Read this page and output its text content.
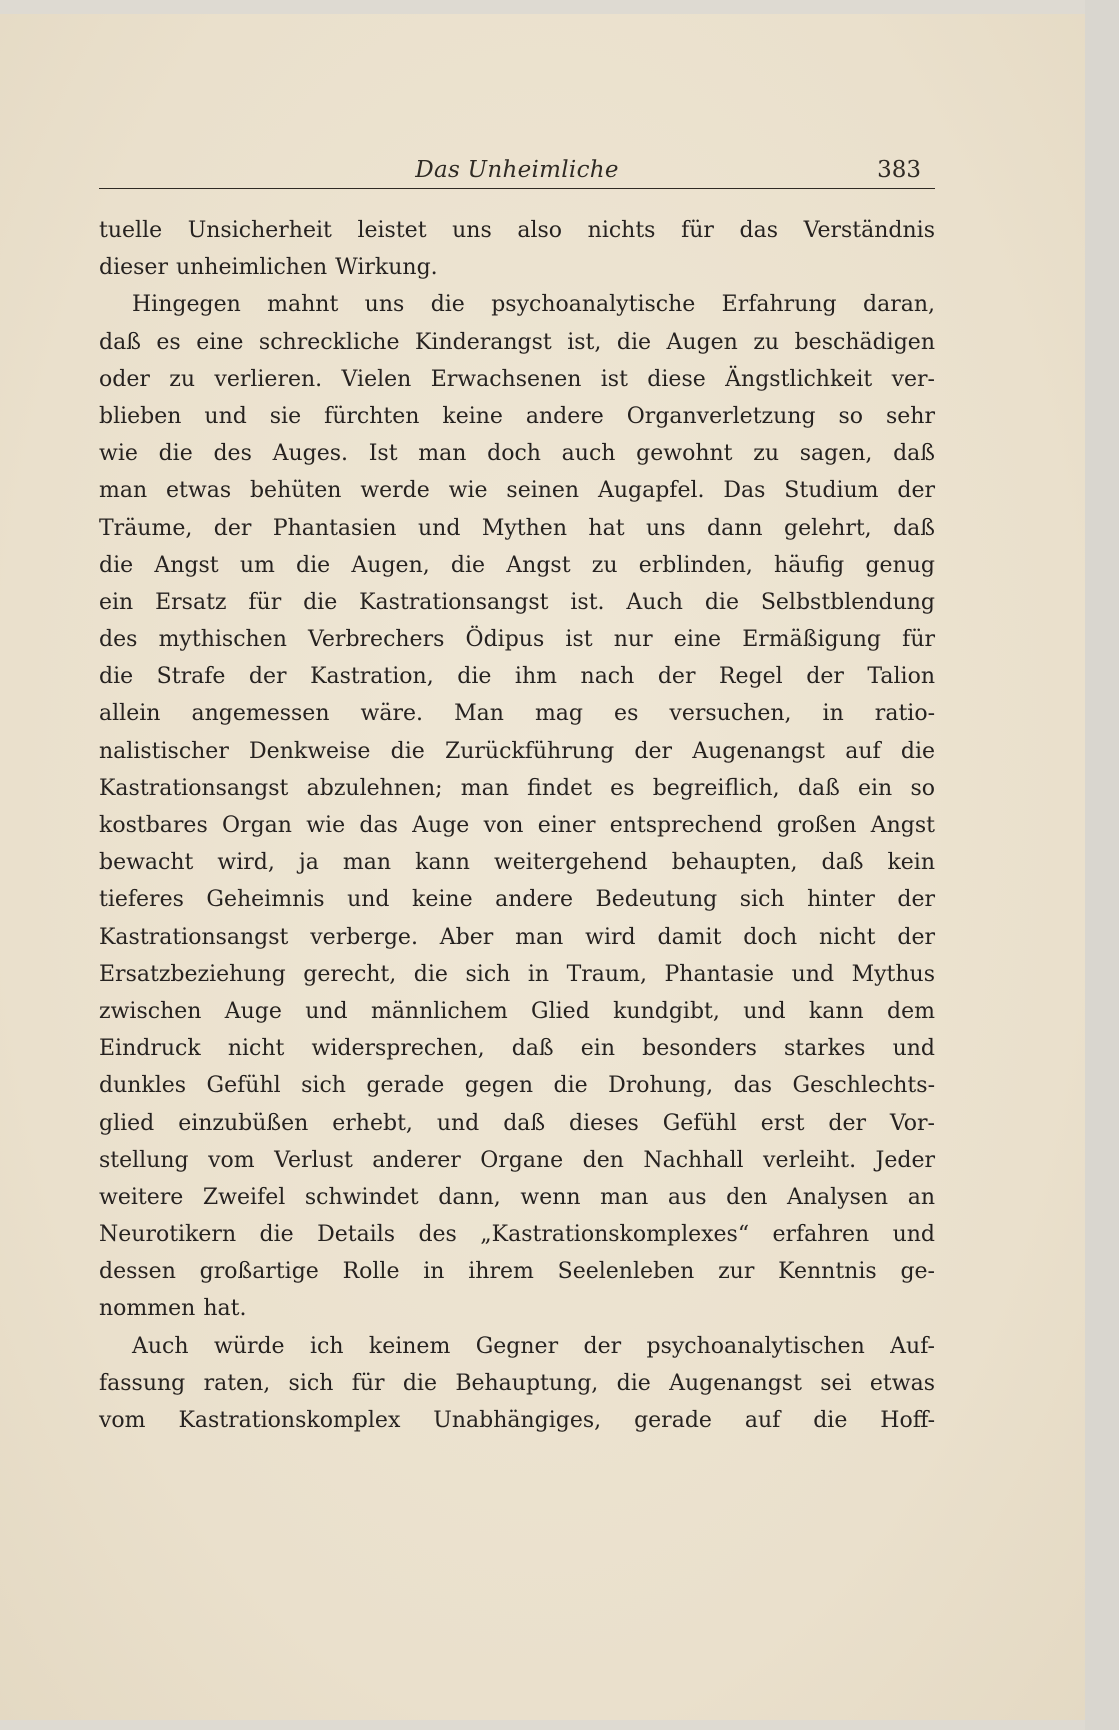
Das Unheimliche	383
tuelle Unsicherheit leistet uns also nichts für das Verständnis
dieser unheimlichen Wirkung.
Hingegen mahnt uns die psychoanalytische Erfahrung daran,
daß es eine schreckliche Kinderangst ist, die Augen zu beschädigen
oder zu verlieren. Vielen Erwachsenen ist diese Ängstlichkeit ver-
blieben und sie fürchten keine andere Organverletzung so sehr
wie die des Auges. Ist man doch auch gewohnt zu sagen, daß
man etwas behüten werde wie seinen Augapfel. Das Studium der
Träume, der Phantasien und Mythen hat uns dann gelehrt, daß
die Angst um die Augen, die Angst zu erblinden, häufig genug
ein Ersatz für die Kastrationsangst ist. Auch die Selbstblendung
des mythischen Verbrechers Ödipus ist nur eine Ermäßigung für
die Strafe der Kastration, die ihm nach der Regel der Talion
allein angemessen wäre. Man mag es versuchen, in ratio-
nalistischer Denkweise die Zurückführung der Augenangst auf die
Kastrationsangst abzulehnen; man findet es begreiflich, daß ein so
kostbares Organ wie das Auge von einer entsprechend großen Angst
bewacht wird, ja man kann weitergehend behaupten, daß kein
tieferes Geheimnis und keine andere Bedeutung sich hinter der
Kastrationsangst verberge. Aber man wird damit doch nicht der
Ersatzbeziehung gerecht, die sich in Traum, Phantasie und Mythus
zwischen Auge und männlichem Glied kundgibt, und kann dem
Eindruck nicht widersprechen, daß ein besonders starkes und
dunkles Gefühl sich gerade gegen die Drohung, das Geschlechts-
glied einzubüßen erhebt, und daß dieses Gefühl erst der Vor-
stellung vom Verlust anderer Organe den Nachhall verleiht. Jeder
weitere Zweifel schwindet dann, wenn man aus den Analysen an
Neurotikern die Details des „Kastrationskomplexes“ erfahren und
dessen großartige Rolle in ihrem Seelenleben zur Kenntnis ge-
nommen hat.
Auch würde ich keinem Gegner der psychoanalytischen Auf-
fassung raten, sich für die Behauptung, die Augenangst sei etwas
vom Kastrationskomplex Unabhängiges, gerade auf die Hoff-
